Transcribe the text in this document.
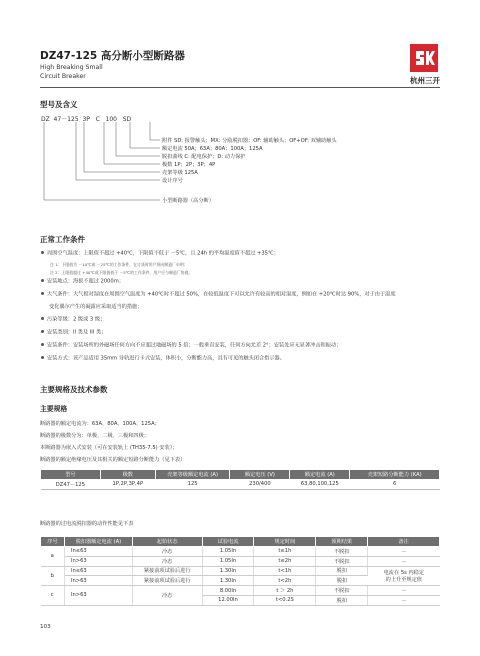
DZ47-125 高分断小型断路器
High Breaking Small
Circuit Breaker	杭州三开
型号及含义
DZ  47－125  3P   C   100   SD
附件 SD: 报警触头；MX: 分励脱扣器；OF: 辅助触头；OF+OF: 双辅助触头
额定电流 50A；63A；80A；100A；125A
脱扣曲线 C: 配电保护；D: 动力保护
极数 1P；2P；3P；4P
壳架等级 125A
设计序号
小型断路器（高分断）
正常工作条件
周围空气温度：上限值不超过 +40℃，下限值不低于 －5℃，且 24h 的平均温度值不超过 +35℃；
注 1：下限值为 －10℃或 －25℃的工作条件，在订货时用户须向制造厂申明；
注 2：上限值超过 +40℃或下限值低于 －5℃的工作条件，用户应与制造厂协商。
安装地点：海拔不超过 2000m；
大气条件：大气相对湿度在周围空气温度为 +40℃时不超过 50%，在较低温度下可以允许有较高的相对湿度，例如在 +20℃时达 90%，对于由于温度
变化偶尔产生的凝露应采取适当的措施；
污染等级：2 级或 3 级；
安装类别：II 类及 III 类；
安装条件：安装场所的外磁场任何方向不应超过地磁场的 5 倍；一般垂直安装，任何方向允差 2°；安装处应无显著冲击和振动；
安装方式：该产品适用 35mm 导轨进行卡式安装，体积小，分断能力高，具有可见的触头闭合指示器。
主要规格及技术参数
主要规格
断路器的额定电流为：63A、80A、100A、125A；
断路器的极数分为：单极、二极、三极和四极；
本断路器为嵌入式安装（可在安装轨上 (TH35-7.5) 安装）；
断路器的额定绝缘电压及其相关的额定短路分断能力（见下表）
型号	极数	壳架等级额定电流 (A)	额定电压 (V)	额定电流 (A)	壳架短路分断能力 (KA)
DZ47－125	1P,2P,3P,4P	125	230/400	63,80,100,125	6
断路器的过电流脱扣器的动作性能见下表
序号	脱扣器额定电流 (A)	起始状态	试验电流	规定时间	预期结果	备注
a	In≤63	冷态	1.05In	t≤1h	不脱扣	－
	In>63	冷态	1.05In	t≤2h	不脱扣	－
b	In≤63	紧接前项试验后进行	1.30In	t<1h	脱扣	电流在 5s 内稳定
的上升至规定值

	In>63	紧接前项试验后进行	1.30In	t<2h	脱扣	
c	In>63	冷态	8.00In	t ＞ 2h	不脱扣	－
			12.00In	t<0.2S	脱扣	－
103
